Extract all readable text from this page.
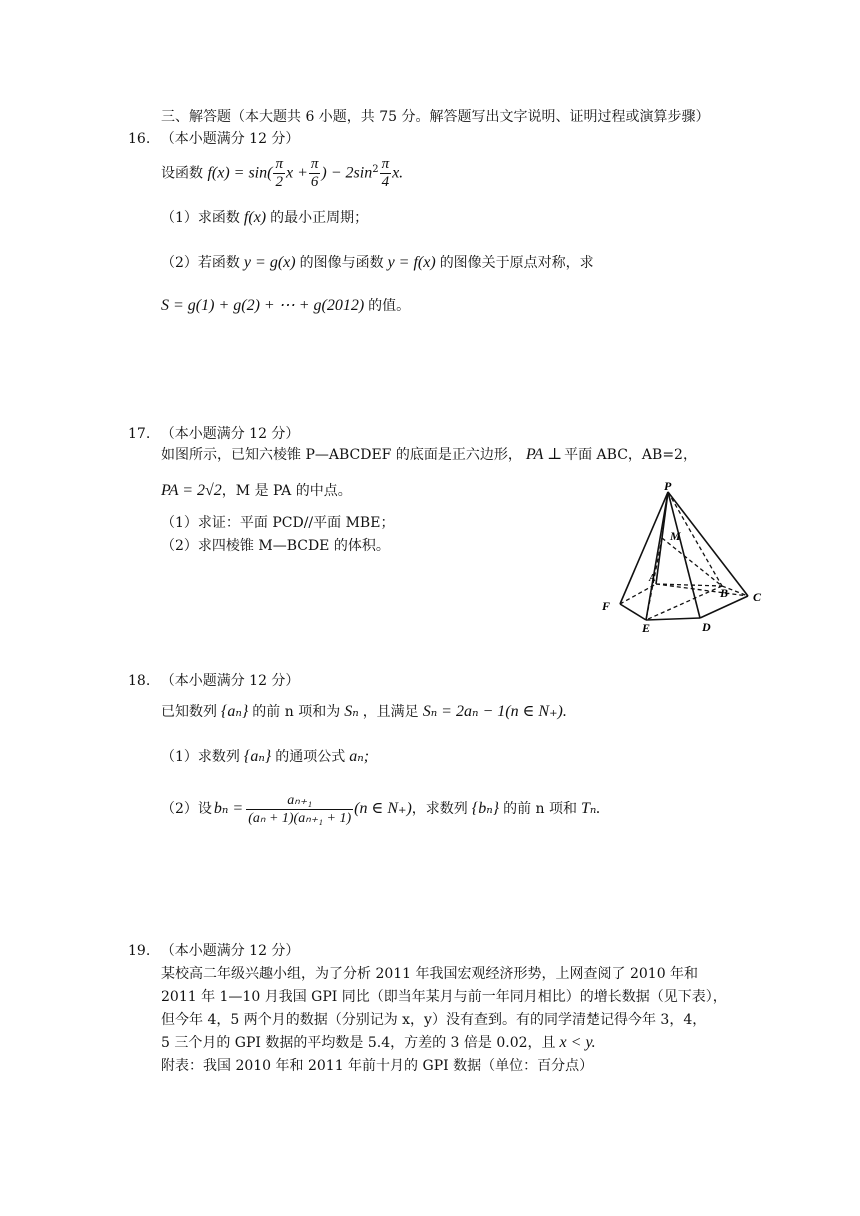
三、解答题（本大题共 6 小题，共 75 分。解答题写出文字说明、证明过程或演算步骤）
16. （本小题满分 12 分）
设函数 $f(x) = \sin( \frac{\pi}{2}$ $x + \frac{\pi}{6}$ ) − $2\sin^2 \frac{\pi}{4} x$.
（1）求函数 f(x) 的最小正周期；
（2）若函数 y = g(x) 的图像与函数 y = f(x) 的图像关于原点对称，求
S = g(1) + g(2) + ⋯ + g(2012) 的值。
17. （本小题满分 12 分）
如图所示，已知六棱锥 P—ABCDEF 的底面是正六边形， PA ⊥ 平面 ABC，AB=2，
PA = 2√2，M 是 PA 的中点。
（1）求证：平面 PCD//平面 MBE；
（2）求四棱锥 M—BCDE 的体积。
P
M
A
B C
D
E
F
18. （本小题满分 12 分）
已知数列 {aₙ} 的前 n 项和为 Sₙ ，且满足 Sₙ = 2aₙ − 1(n ∈ N₊).
（1）求数列 {aₙ} 的通项公式 aₙ;
（2）设 $b_n = \frac{\text{aₙ₊₁}}{\text{(aₙ + 1)(aₙ₊₁ + 1)}} (n$ ∈ N₊)，求数列 {bₙ} 的前 n 项和 Tₙ.
19. （本小题满分 12 分）
某校高二年级兴趣小组，为了分析 2011 年我国宏观经济形势，上网查阅了 2010 年和
2011 年 1—10 月我国 GPI 同比（即当年某月与前一年同月相比）的增长数据（见下表），
但今年 4，5 两个月的数据（分别记为 x，y）没有查到。有的同学清楚记得今年 3，4，
5 三个月的 GPI 数据的平均数是 5.4，方差的 3 倍是 0.02，且 x < y.
附表：我国 2010 年和 2011 年前十月的 GPI 数据（单位：百分点）
